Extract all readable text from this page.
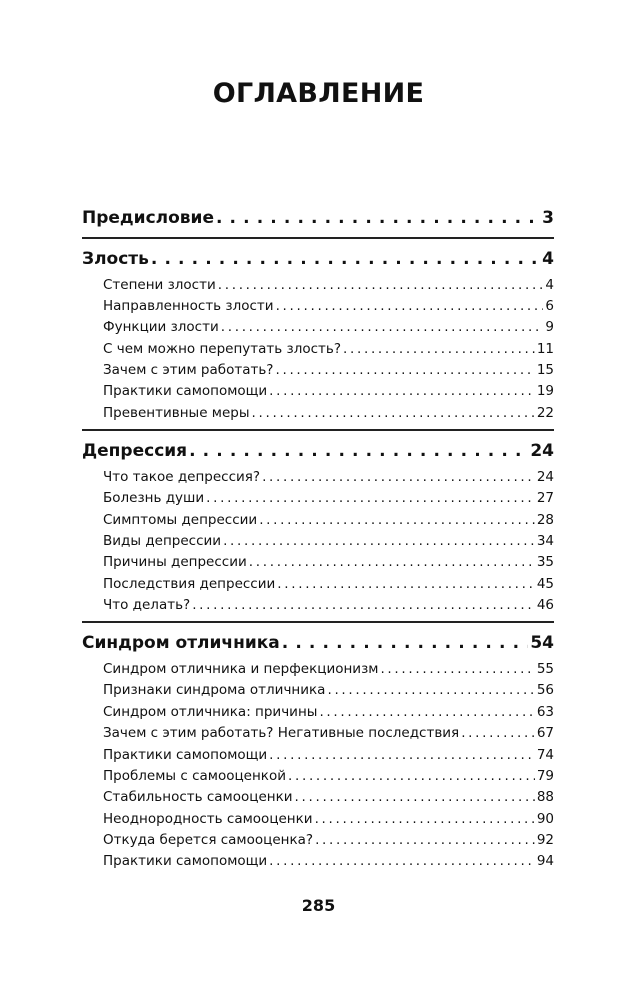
ОГЛАВЛЕНИЕ
Предисловие . . .	3
Злость . . .	4
Степени злости . . .	4
Направленность злости . . .	6
Функции злости . . .	9
С чем можно перепутать злость? . . .	11
Зачем с этим работать? . . .	15
Практики самопомощи . . .	19
Превентивные меры . . .	22
Депрессия . . .	24
Что такое депрессия? . . .	24
Болезнь души . . .	27
Симптомы депрессии . . .	28
Виды депрессии . . .	34
Причины депрессии . . .	35
Последствия депрессии . . .	45
Что делать? . . .	46
Синдром отличника . . .	54
Синдром отличника и перфекционизм . . .	55
Признаки синдрома отличника . . .	56
Синдром отличника: причины . . .	63
Зачем с этим работать? Негативные последствия . . .	67
Практики самопомощи . . .	74
Проблемы с самооценкой . . .	79
Стабильность самооценки . . .	88
Неоднородность самооценки . . .	90
Откуда берется самооценка? . . .	92
Практики самопомощи . . .	94
285
